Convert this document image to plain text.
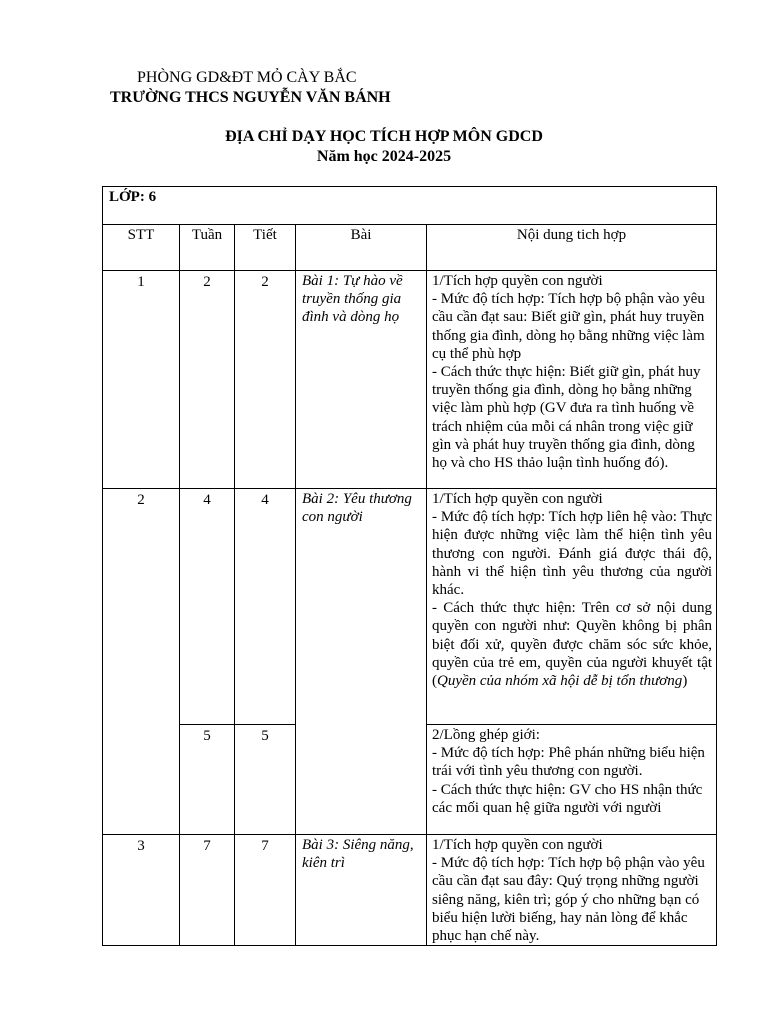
PHÒNG GD&ĐT MỎ CÀY BẮC
TRƯỜNG THCS NGUYỄN VĂN BÁNH
ĐỊA CHỈ DẠY HỌC TÍCH HỢP MÔN GDCD
Năm học 2024-2025
LỚP: 6				
STT	Tuần	Tiết	Bài	Nội dung tich hợp
1	2	2	Bài 1: Tự hào về truyền thống gia đình và dòng họ	1/Tích hợp quyền con người
- Mức độ tích hợp: Tích hợp bộ phận vào yêu cầu cần đạt sau: Biết giữ gìn, phát huy truyền thống gia đình, dòng họ bằng những việc làm cụ thể phù hợp
- Cách thức thực hiện: Biết giữ gìn, phát huy truyền thống gia đình, dòng họ bằng những việc làm phù hợp (GV đưa ra tình huống về trách nhiệm của mỗi cá nhân trong việc giữ gìn và phát huy truyền thống gia đình, dòng họ và cho HS thảo luận tình huống đó).

2	4	4	Bài 2: Yêu thương con người	1/Tích hợp quyền con người
- Mức độ tích hợp: Tích hợp liên hệ vào: Thực hiện được những việc làm thể hiện tình yêu thương con người. Đánh giá được thái độ, hành vi thể hiện tình yêu thương của người khác.
- Cách thức thực hiện: Trên cơ sở nội dung quyền con người như: Quyền không bị phân biệt đối xử, quyền được chăm sóc sức khỏe, quyền của trẻ em, quyền của người khuyết tật (Quyền của nhóm xã hội dễ bị tổn thương)

	5	5		2/Lồng ghép giới:
- Mức độ tích hợp: Phê phán những biểu hiện trái với tình yêu thương con người.
- Cách thức thực hiện: GV cho HS nhận thức các mối quan hệ giữa người với người

3	7	7	Bài 3: Siêng năng, kiên trì	1/Tích hợp quyền con người
- Mức độ tích hợp: Tích hợp bộ phận vào yêu cầu cần đạt sau đây: Quý trọng những người siêng năng, kiên trì; góp ý cho những bạn có biểu hiện lười biếng, hay nản lòng để khắc phục hạn chế này.
